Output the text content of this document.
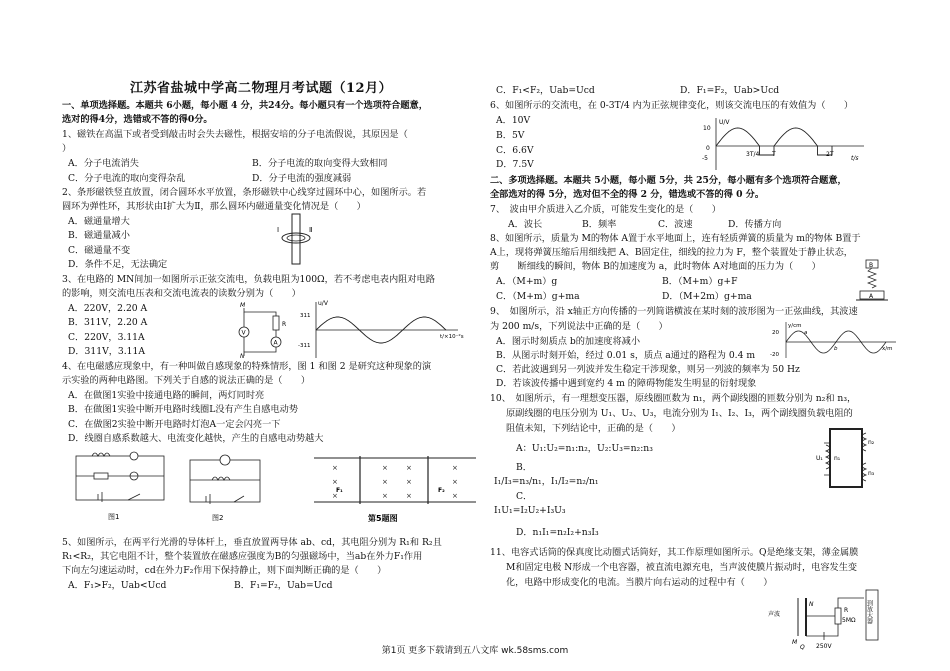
江苏省盐城中学高二物理月考试题（12月）
一、单项选择题。本题共 6小题，每小题 4 分，共24分。每小题只有一个选项符合题意，
选对的得4分，选错或不答的得0分。
1、磁铁在高温下或者受到敲击时会失去磁性，根据安培的分子电流假说，其原因是（
）
A．分子电流消失	B．分子电流的取向变得大致相同
C．分子电流的取向变得杂乱	D．分子电流的强度减弱
2、条形磁铁竖直放置，闭合圆环水平放置，条形磁铁中心线穿过圆环中心，如图所示。若
圆环为弹性环，其形状由Ⅰ扩大为Ⅱ，那么圆环内磁通量变化情况是（　　）
A．磁通量增大
B．磁通量减小
C．磁通量不变
D．条件不足，无法确定
Ⅰ	Ⅱ
3、在电路的 MN间加一如图所示正弦交流电，负载电阻为100Ω，若不考虑电表内阻对电路
的影响，则交流电压表和交流电流表的读数分别为（　　）
A．220V，2.20 A
B．311V，2.20 A
C．220V，3.11A
D．311V，3.11A
M
N
V
R
A
u/V
311
-311
t/×10⁻²s
4、在电磁感应现象中，有一种叫做自感现象的特殊情形，图 1 和图 2 是研究这种现象的演
示实验的两种电路图。下列关于自感的说法正确的是（　　）
A．在做图1实验中接通电路的瞬间，两灯同时亮
B．在做图1实验中断开电路时线圈L没有产生自感电动势
C．在做图2实验中断开电路时灯泡A一定会闪亮一下
D．线圈自感系数越大、电流变化越快，产生的自感电动势越大
图1	图2
×
×
×
×
×
×
×
×
×
×
×
×
F₁	F₂
第5题图
5、如图所示，在两平行光滑的导体杆上，垂直放置两导体 ab、cd，其电阻分别为 R₁和 R₂且
R₁<R₂，其它电阻不计，整个装置放在磁感应强度为B的匀强磁场中，当ab在外力F₁作用
下向左匀速运动时，cd在外力F₂作用下保持静止，则下面判断正确的是（　　）
A．F₁>F₂，Uab<Ucd	B．F₁=F₂，Uab=Ucd
C．F₁<F₂，Uab=Ucd	D．F₁=F₂，Uab>Ucd
6、如图所示的交流电，在 0-3T/4 内为正弦规律变化，则该交流电压的有效值为（　　）
A．10V
B．5V
C．6.6V
D．7.5V
U/V
10
0
-5
3T/4 T	2T
t/s
二、多项选择题。本题共 5小题，每小题 5分，共 25分，每小题有多个选项符合题意，
全部选对的得 5分，选对但不全的得 2 分，错选或不答的得 0 分。
7、　波由甲介质进入乙介质，可能发生变化的是（　　）
A．波长	B．频率	C．波速	D．传播方向
8、如图所示，质量为 M的物体 A置于水平地面上，连有轻质弹簧的质量为 m的物体 B置于
A上，现将弹簧压缩后用细线把 A、B固定住，细线的拉力为 F，整个装置处于静止状态，
剪　　断细线的瞬间，物体 B的加速度为 a，此时物体 A对地面的压力为（　　）
A．（M+m）g	B．（M+m）g+F
C．（M+m）g+ma	D．（M+2m）g+ma
B
A
9、　如图所示，沿 x轴正方向传播的一列简谐横波在某时刻的波形图为一正弦曲线，其波速
为 200 m/s，下列说法中正确的是（　　）
A．图示时刻质点 b的加速度将减小
B．从图示时刻开始，经过 0.01 s，质点 a通过的路程为 0.4 m
C．若此波遇到另一列波并发生稳定干涉现象，则另一列波的频率为 50 Hz
D．若该波传播中遇到宽约 4 m 的障碍物能发生明显的衍射现象
y/cm
20
-20
x/m
a
b
10、　如图所示，有一理想变压器，原线圈匝数为 n₁，两个副线圈的匝数分别为 n₂和 n₃，
原副线圈的电压分别为 U₁、U₂、U₃，电流分别为 I₁、I₂、I₃，两个副线圈负载电阻的
阻值未知，下列结论中，正确的是（　　）
A：U₁:U₂=n₁:n₂，U₂:U₃=n₂:n₃
B．
I₁/I₃=n₃/n₁，I₁/I₂=n₂/n₁
C．
I₁U₁=I₂U₂+I₃U₃
D．n₁I₁=n₂I₂+n₃I₃
U₁ n₁
n₂
n₃
11、电容式话筒的保真度比动圈式话筒好，其工作原理如图所示。Q是绝缘支架，薄金属膜
M和固定电极 N形成一个电容器，被直流电源充电，当声波使膜片振动时，电容发生变
化，电路中形成变化的电流。当膜片向右运动的过程中有（　　）
声波
M
N
Q
R
5MΩ
250V
到放大器
第1页 更多下载请到五八文库 wk.58sms.com
